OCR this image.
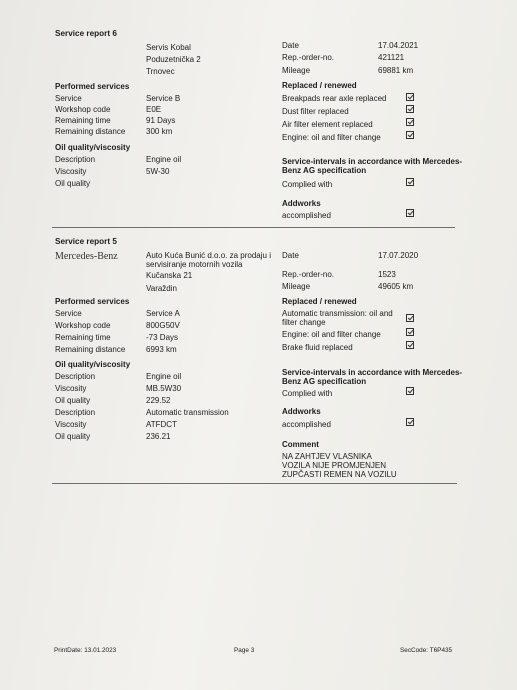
Service report 6
Servis Kobal
Poduzetnička 2
Trnovec
Date	17.04.2021
Rep.-order-no.	421121
Mileage	69881 km
Performed services
Service	Service B
Workshop code	E0E
Remaining time	91 Days
Remaining distance	300 km
Oil quality/viscosity
Description	Engine oil
Viscosity	5W-30
Oil quality
Replaced / renewed
Breakpads rear axle replaced
Dust filter replaced
Air filter element replaced
Engine: oil and filter change
Service-intervals in accordance with Mercedes-Benz AG specification
Complied with
Addworks
accomplished
Service report 5
Mercedes-Benz	Auto Kuća Bunić d.o.o. za prodaju i servisiranje motornih vozila
Kučanska 21
Varaždin
Date	17.07.2020
Rep.-order-no.	1523
Mileage	49605 km
Performed services
Service	Service A
Workshop code	800G50V
Remaining time	-73 Days
Remaining distance	6993 km
Oil quality/viscosity
Description	Engine oil
Viscosity	MB.5W30
Oil quality	229.52
Description	Automatic transmission
Viscosity	ATFDCT
Oil quality	236.21
Replaced / renewed
Automatic transmission: oil and filter change
Engine: oil and filter change
Brake fluid replaced
Service-intervals in accordance with Mercedes-Benz AG specification
Complied with
Addworks
accomplished
Comment
NA ZAHTJEV VLASNIKA
VOZILA NIJE PROMJENJEN
ZUPČASTI REMEN NA VOZILU
PrintDate: 13.01.2023	Page 3	SecCode: T6P435
